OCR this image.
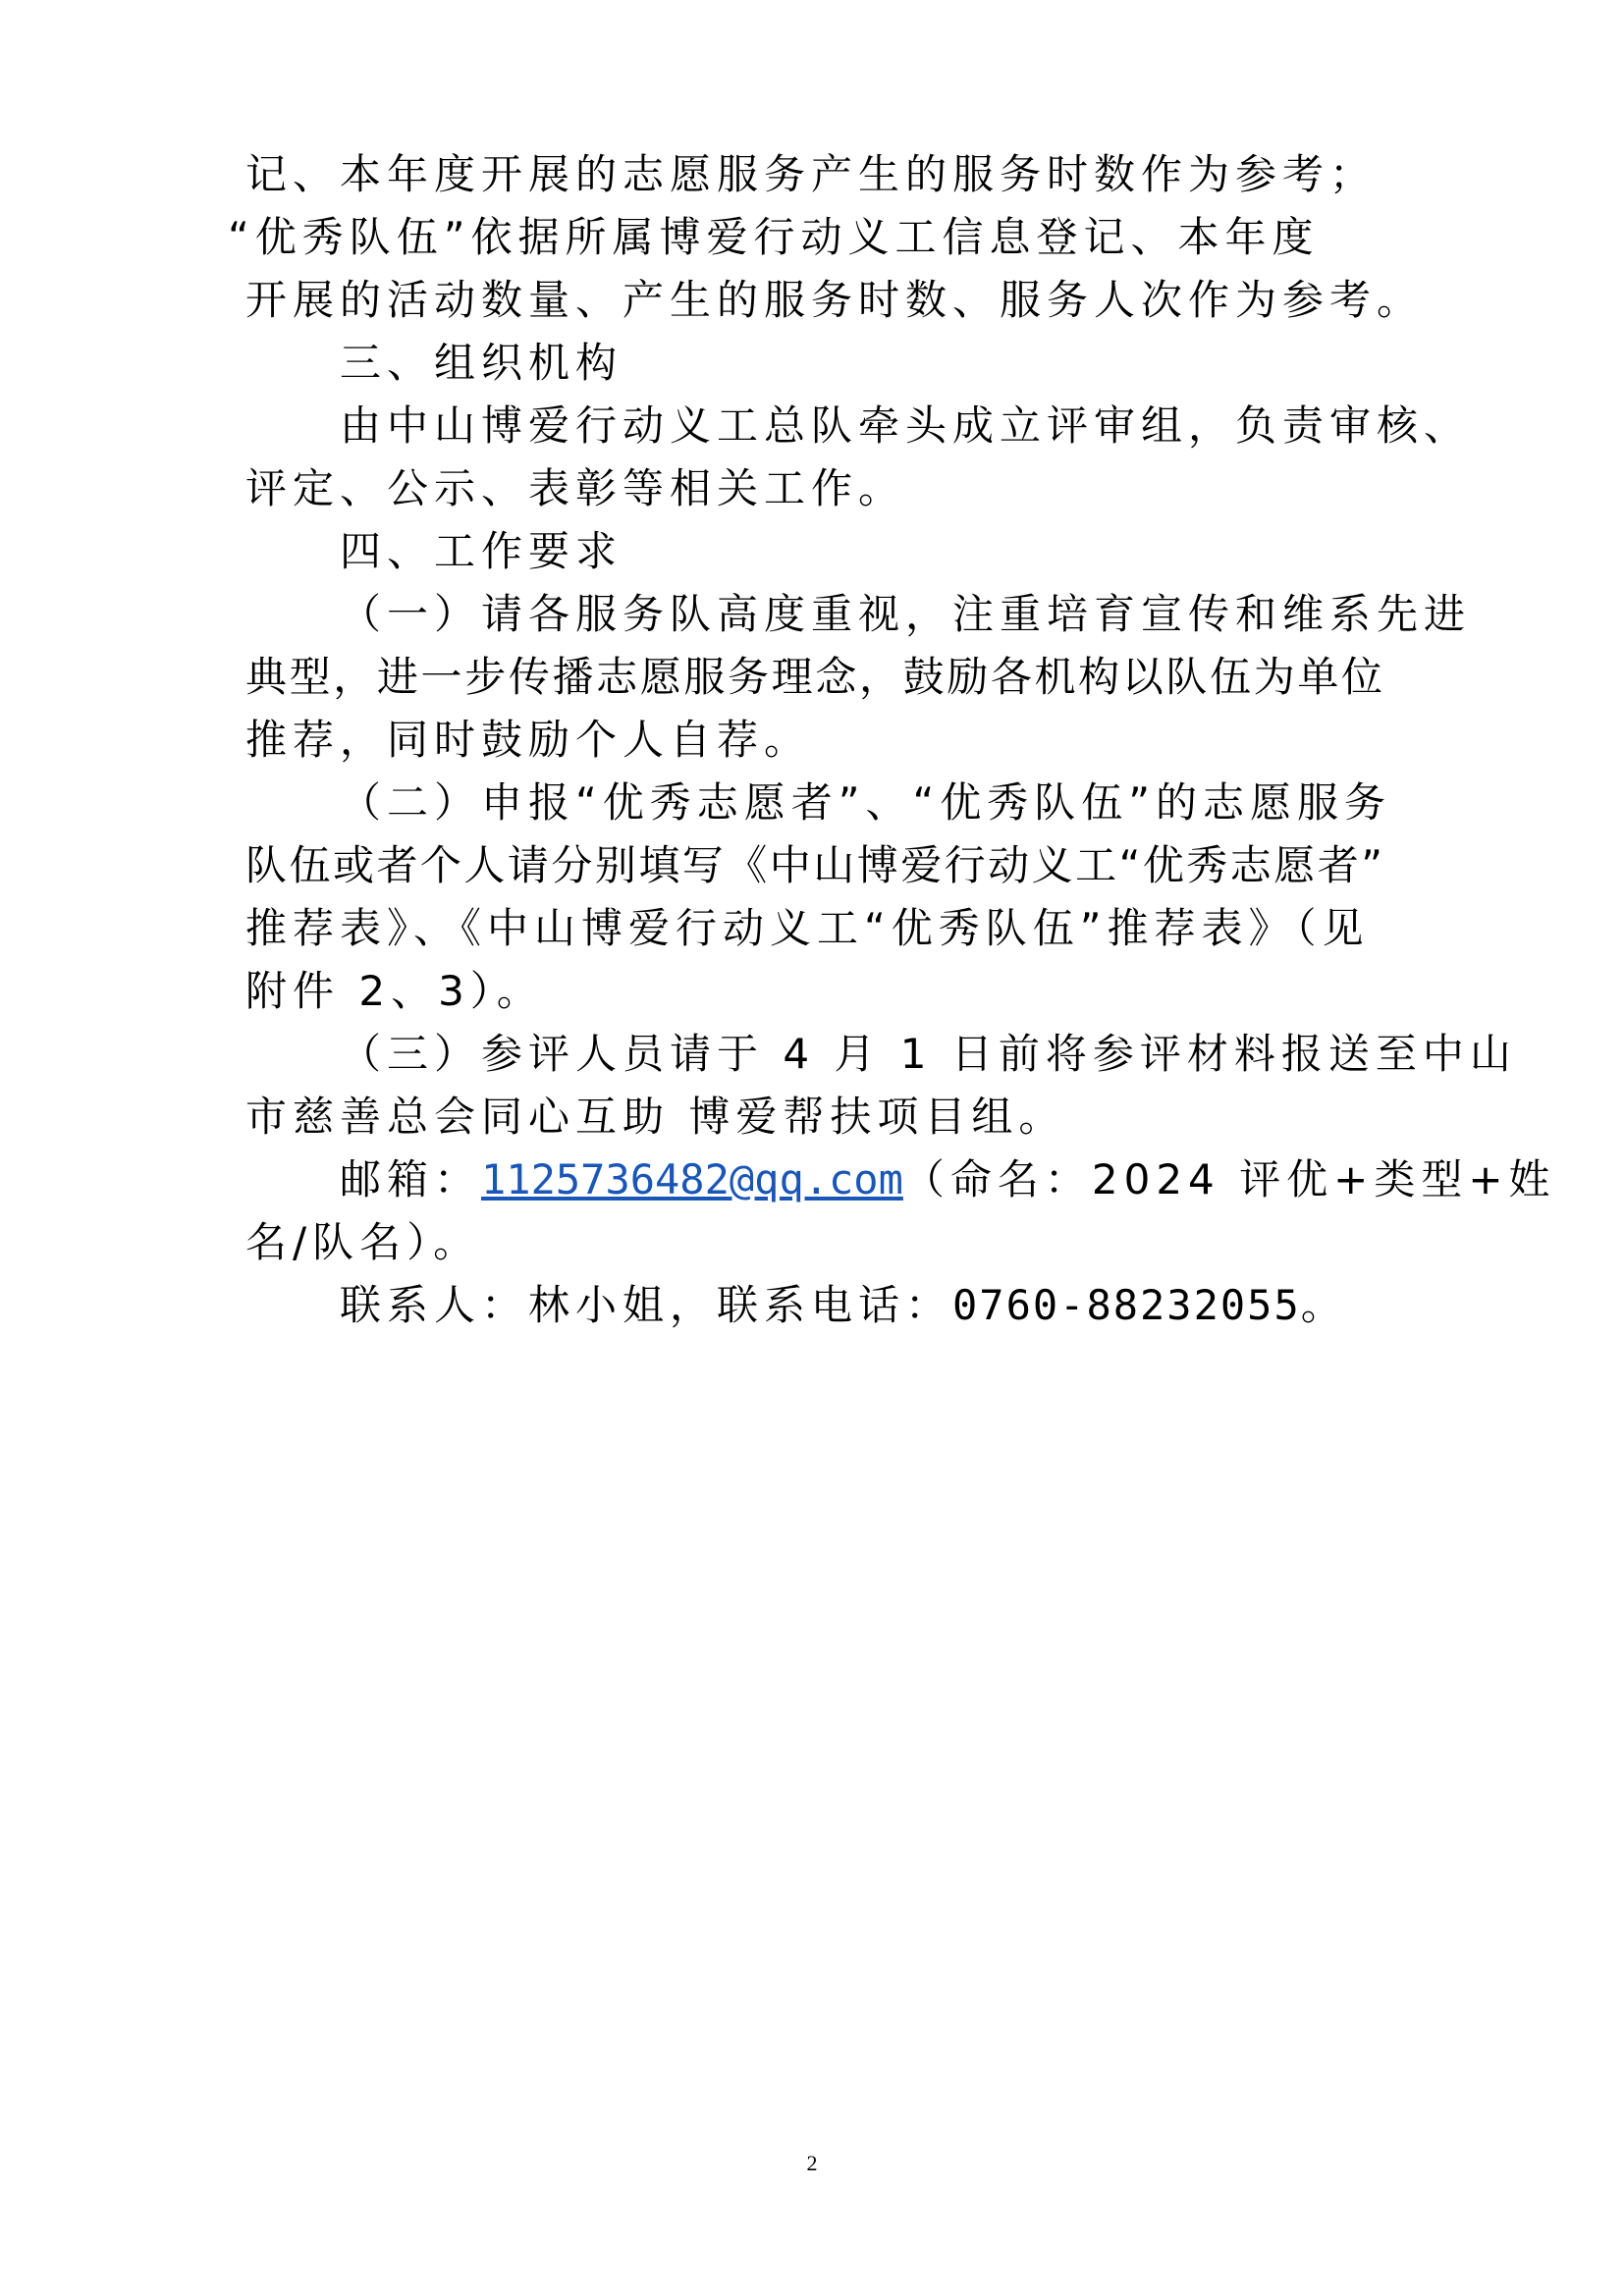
记、本年度开展的志愿服务产生的服务时数作为参考；
“优秀队伍”依据所属博爱行动义工信息登记、本年度
开展的活动数量、产生的服务时数、服务人次作为参考。
三、组织机构
由中山博爱行动义工总队牵头成立评审组，负责审核、
评定、公示、表彰等相关工作。
四、工作要求
（一）请各服务队高度重视，注重培育宣传和维系先进
典型，进一步传播志愿服务理念，鼓励各机构以队伍为单位
推荐，同时鼓励个人自荐。
（二）申报“优秀志愿者”、“优秀队伍”的志愿服务
队伍或者个人请分别填写《中山博爱行动义工“优秀志愿者”
推荐表》、《中山博爱行动义工“优秀队伍”推荐表》（见
附件 2、3）。
（三）参评人员请于 4 月 1 日前将参评材料报送至中山
市慈善总会同心互助 博爱帮扶项目组。
邮箱：1125736482@qq.com（命名：2024 评优+类型+姓
名/队名）。
联系人：林小姐，联系电话：0760-88232055。
2
